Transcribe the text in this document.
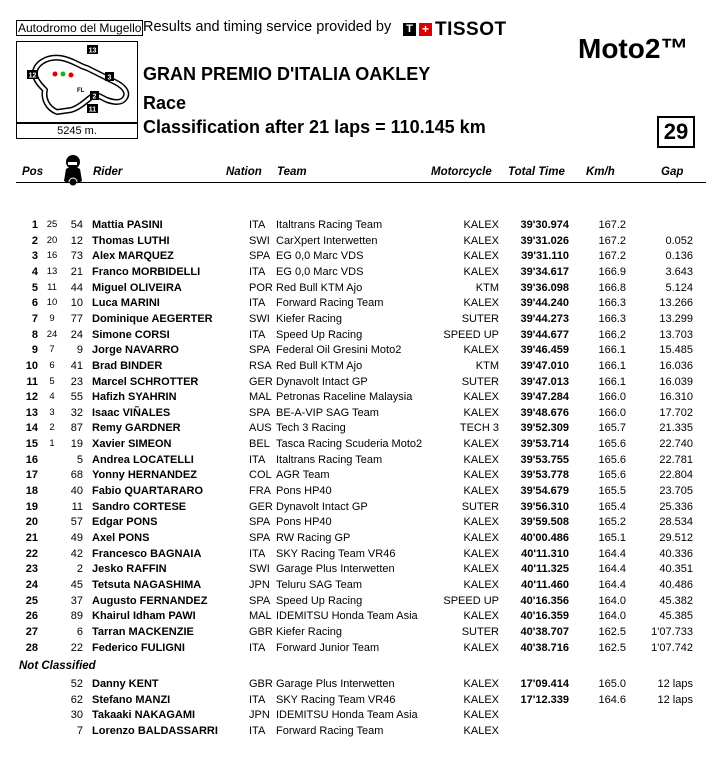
Autodromo del Mugello Results and timing service provided by T + TISSOT
13
12	3
FL
11
2
5245 m.
Moto2™
GRAN PREMIO D'ITALIA OAKLEY
Race
Classification after 21 laps = 110.145 km	29
Pos	Rider	Nation Team	Motorcycle Total Time Km/h	Gap
1 25	54 Mattia PASINI	ITA Italtrans Racing Team	KALEX 39'30.974	167.2
2 20	12 Thomas LUTHI	SWI CarXpert Interwetten	KALEX 39'31.026	167.2	0.052
3 16	73 Alex MARQUEZ	SPA EG 0,0 Marc VDS	KALEX 39'31.110	167.2	0.136
4 13	21 Franco MORBIDELLI	ITA EG 0,0 Marc VDS	KALEX 39'34.617	166.9	3.643
5 11	44 Miguel OLIVEIRA	POR Red Bull KTM Ajo	KTM 39'36.098	166.8	5.124
6 10	10 Luca MARINI	ITA Forward Racing Team	KALEX 39'44.240	166.3	13.266
7	9	77 Dominique AEGERTER	SWI Kiefer Racing	SUTER 39'44.273	166.3	13.299
8 24	24 Simone CORSI	ITA Speed Up Racing	SPEED UP 39'44.677	166.2	13.703
9	7	9 Jorge NAVARRO	SPA Federal Oil Gresini Moto2	KALEX 39'46.459	166.1	15.485
10	6	41 Brad BINDER	RSA Red Bull KTM Ajo	KTM 39'47.010	166.1	16.036
11	5	23 Marcel SCHROTTER	GER Dynavolt Intact GP	SUTER 39'47.013	166.1	16.039
12	4	55 Hafizh SYAHRIN	MAL Petronas Raceline Malaysia	KALEX 39'47.284	166.0	16.310
13	3	32 Isaac VIÑALES	SPA BE-A-VIP SAG Team	KALEX 39'48.676	166.0	17.702
14	2	87 Remy GARDNER	AUS Tech 3 Racing	TECH 3 39'52.309	165.7	21.335
15	1	19 Xavier SIMEON	BEL Tasca Racing Scuderia Moto2	KALEX 39'53.714	165.6	22.740
16	5 Andrea LOCATELLI	ITA Italtrans Racing Team	KALEX 39'53.755	165.6	22.781
17	68 Yonny HERNANDEZ	COL AGR Team	KALEX 39'53.778	165.6	22.804
18	40 Fabio QUARTARARO	FRA Pons HP40	KALEX 39'54.679	165.5	23.705
19	11 Sandro CORTESE	GER Dynavolt Intact GP	SUTER 39'56.310	165.4	25.336
20	57 Edgar PONS	SPA Pons HP40	KALEX 39'59.508	165.2	28.534
21	49 Axel PONS	SPA RW Racing GP	KALEX 40'00.486	165.1	29.512
22	42 Francesco BAGNAIA	ITA SKY Racing Team VR46	KALEX 40'11.310	164.4	40.336
23	2 Jesko RAFFIN	SWI Garage Plus Interwetten	KALEX 40'11.325	164.4	40.351
24	45 Tetsuta NAGASHIMA	JPN Teluru SAG Team	KALEX 40'11.460	164.4	40.486
25	37 Augusto FERNANDEZ	SPA Speed Up Racing	SPEED UP 40'16.356	164.0	45.382
26	89 Khairul Idham PAWI	MAL IDEMITSU Honda Team Asia	KALEX 40'16.359	164.0	45.385
27	6 Tarran MACKENZIE	GBR Kiefer Racing	SUTER 40'38.707	162.5 1'07.733
28	22 Federico FULIGNI	ITA Forward Junior Team	KALEX 40'38.716	162.5 1'07.742
Not Classified
52 Danny KENT	GBR Garage Plus Interwetten	KALEX 17'09.414	165.0	12 laps
62 Stefano MANZI	ITA SKY Racing Team VR46	KALEX 17'12.339	164.6	12 laps
30 Takaaki NAKAGAMI	JPN IDEMITSU Honda Team Asia	KALEX
7 Lorenzo BALDASSARRI	ITA Forward Racing Team	KALEX
